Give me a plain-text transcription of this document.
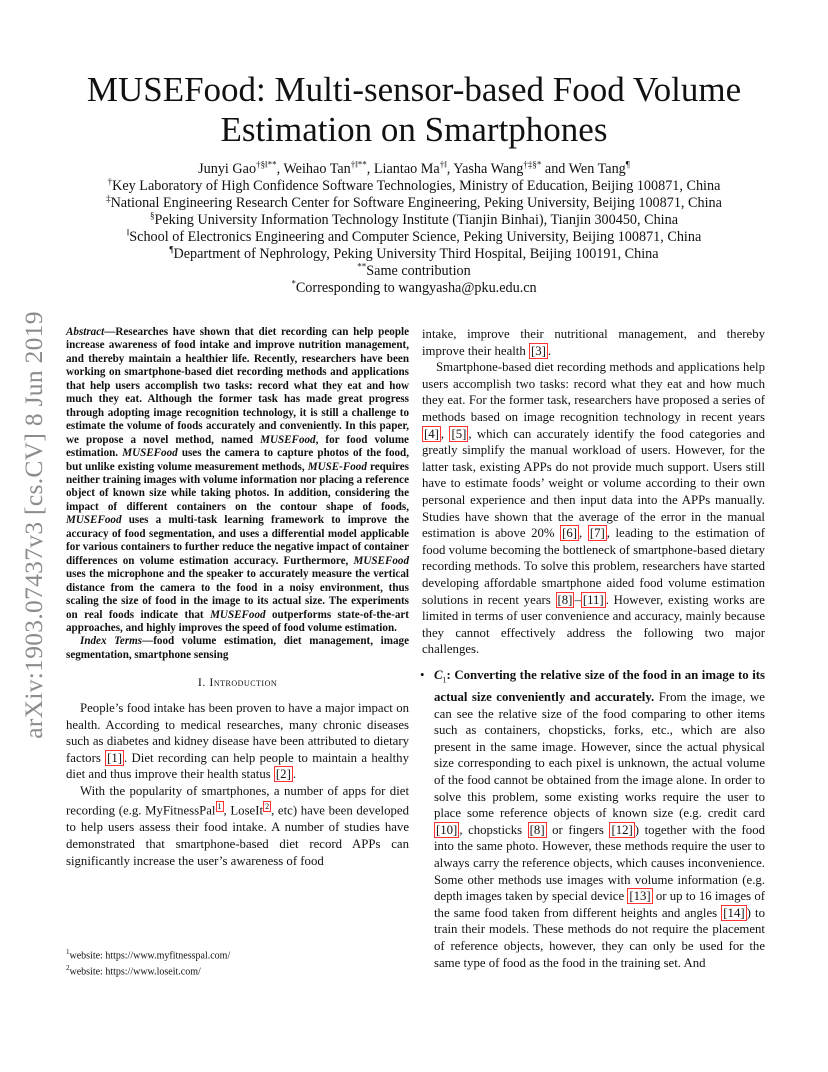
arXiv:1903.07437v3 [cs.CV] 8 Jun 2019
MUSEFood: Multi-sensor-based Food Volume
Estimation on Smartphones
Junyi Gao†§‖**, Weihao Tan†‖**, Liantao Ma†‖, Yasha Wang†‡§* and Wen Tang¶
†Key Laboratory of High Confidence Software Technologies, Ministry of Education, Beijing 100871, China
‡National Engineering Research Center for Software Engineering, Peking University, Beijing 100871, China
§Peking University Information Technology Institute (Tianjin Binhai), Tianjin 300450, China
‖School of Electronics Engineering and Computer Science, Peking University, Beijing 100871, China
¶Department of Nephrology, Peking University Third Hospital, Beijing 100191, China
**Same contribution
*Corresponding to wangyasha@pku.edu.cn

Abstract—Researches have shown that diet recording can help people increase awareness of food intake and improve nutrition management, and thereby maintain a healthier life. Recently, researchers have been working on smartphone-based diet recording methods and applications that help users accomplish two tasks: record what they eat and how much they eat. Although the former task has made great progress through adopting image recognition technology, it is still a challenge to estimate the volume of foods accurately and conveniently. In this paper, we propose a novel method, named MUSEFood, for food volume estimation. MUSEFood uses the camera to capture photos of the food, but unlike existing volume measurement methods, MUSE-Food requires neither training images with volume information nor placing a reference object of known size while taking photos. In addition, considering the impact of different containers on the contour shape of foods, MUSEFood uses a multi-task learning framework to improve the accuracy of food segmentation, and uses a differential model applicable for various containers to further reduce the negative impact of container differences on volume estimation accuracy. Furthermore, MUSEFood uses the microphone and the speaker to accurately measure the vertical distance from the camera to the food in a noisy environment, thus scaling the size of food in the image to its actual size. The experiments on real foods indicate that MUSEFood outperforms state-of-the-art approaches, and highly improves the speed of food volume estimation.

Index Terms—food volume estimation, diet management, image segmentation, smartphone sensing

I. Introduction

People’s food intake has been proven to have a major impact on health. According to medical researches, many chronic diseases such as diabetes and kidney disease have been attributed to dietary factors [1] . Diet recording can help people to maintain a healthy diet and thus improve their health status [2] .

With the popularity of smartphones, a number of apps for diet recording (e.g. MyFitnessPal $^1$ , LoseIt $^2$ , etc) have been developed to help users assess their food intake. A number of studies have demonstrated that smartphone-based diet record APPs can significantly increase the user’s awareness of food

$^1$website: https://www.myfitnesspal.com/
$^2$website: https://www.loseit.com/

intake, improve their nutritional management, and thereby improve their health [3] .

Smartphone-based diet recording methods and applications help users accomplish two tasks: record what they eat and how much they eat. For the former task, researchers have proposed a series of methods based on image recognition technology in recent years [4] , [5] , which can accurately identify the food categories and greatly simplify the manual workload of users. However, for the latter task, existing APPs do not provide much support. Users still have to estimate foods’ weight or volume according to their own personal experience and then input data into the APPs manually. Studies have shown that the average of the error in the manual estimation is above 20% [6] , [7] , leading to the estimation of food volume becoming the bottleneck of smartphone-based dietary recording methods. To solve this problem, researchers have started developing affordable smartphone aided food volume estimation solutions in recent years [8] – [11] . However, existing works are limited in terms of user convenience and accuracy, mainly because they cannot effectively address the following two major challenges.

• $C_1$: Converting the relative size of the food in an image to its actual size conveniently and accurately. From the image, we can see the relative size of the food comparing to other items such as containers, chopsticks, forks, etc., which are also present in the same image. However, since the actual physical size corresponding to each pixel is unknown, the actual volume of the food cannot be obtained from the image alone. In order to solve this problem, some existing works require the user to place some reference objects of known size (e.g. credit card [10] , chopsticks [8] or fingers [12] ) together with the food into the same photo. However, these methods require the user to always carry the reference objects, which causes inconvenience. Some other methods use images with volume information (e.g. depth images taken by special device [13] or up to 16 images of the same food taken from different heights and angles [14] ) to train their models. These methods do not require the placement of reference objects, however, they can only be used for the same type of food as the food in the training set. And
